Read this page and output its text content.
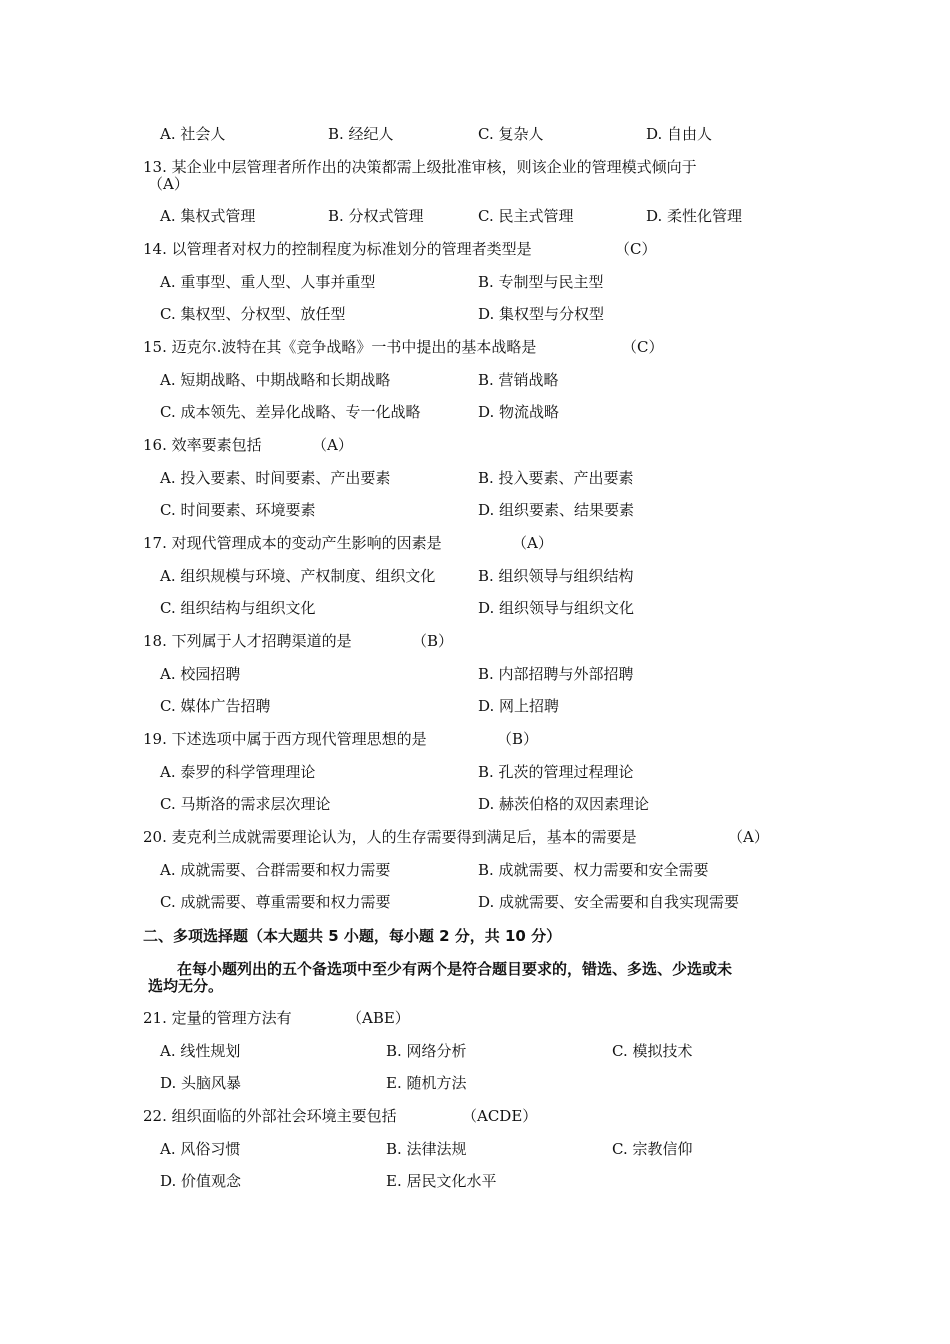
A. 社会人	B. 经纪人	C. 复杂人	D. 自由人
13. 某企业中层管理者所作出的决策都需上级批准审核，则该企业的管理模式倾向于
（A）
A. 集权式管理	B. 分权式管理	C. 民主式管理	D. 柔性化管理
14. 以管理者对权力的控制程度为标准划分的管理者类型是	（C）
A. 重事型、重人型、人事并重型	B. 专制型与民主型
C. 集权型、分权型、放任型	D. 集权型与分权型
15. 迈克尔.波特在其《竞争战略》一书中提出的基本战略是	（C）
A. 短期战略、中期战略和长期战略	B. 营销战略
C. 成本领先、差异化战略、专一化战略	D. 物流战略
16. 效率要素包括	（A）
A. 投入要素、时间要素、产出要素	B. 投入要素、产出要素
C. 时间要素、环境要素	D. 组织要素、结果要素
17. 对现代管理成本的变动产生影响的因素是	（A）
A. 组织规模与环境、产权制度、组织文化	B. 组织领导与组织结构
C. 组织结构与组织文化	D. 组织领导与组织文化
18. 下列属于人才招聘渠道的是	（B）
A. 校园招聘	B. 内部招聘与外部招聘
C. 媒体广告招聘	D. 网上招聘
19. 下述选项中属于西方现代管理思想的是	（B）
A. 泰罗的科学管理理论	B. 孔茨的管理过程理论
C. 马斯洛的需求层次理论	D. 赫茨伯格的双因素理论
20. 麦克利兰成就需要理论认为，人的生存需要得到满足后，基本的需要是	（A）
A. 成就需要、合群需要和权力需要	B. 成就需要、权力需要和安全需要
C. 成就需要、尊重需要和权力需要	D. 成就需要、安全需要和自我实现需要
二、多项选择题（本大题共 5 小题，每小题 2 分，共 10 分）
在每小题列出的五个备选项中至少有两个是符合题目要求的，错选、多选、少选或未
选均无分。
21. 定量的管理方法有	（ABE）
A. 线性规划	B. 网络分析	C. 模拟技术
D. 头脑风暴	E. 随机方法
22. 组织面临的外部社会环境主要包括	（ACDE）
A. 风俗习惯	B. 法律法规	C. 宗教信仰
D. 价值观念	E. 居民文化水平
